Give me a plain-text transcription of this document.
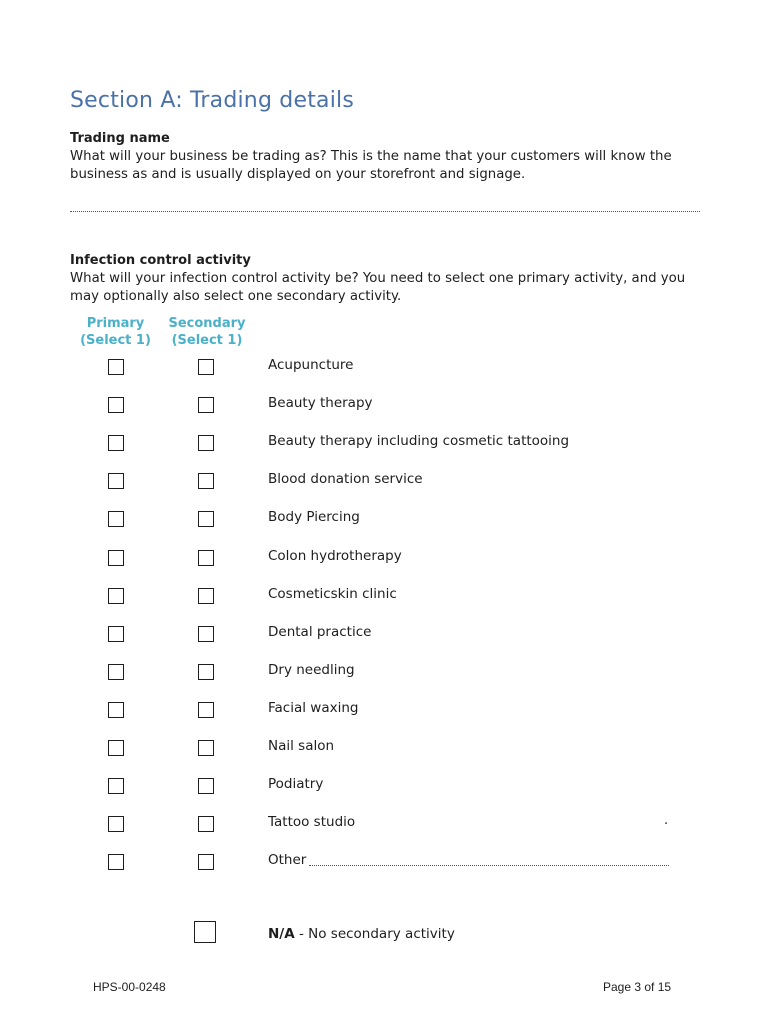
Section A: Trading details
Trading name
What will your business be trading as? This is the name that your customers will know the business as and is usually displayed on your storefront and signage.
Infection control activity
What will your infection control activity be? You need to select one primary activity, and you may optionally also select one secondary activity.
Primary
(Select 1)
Secondary
(Select 1)
Acupuncture
Beauty therapy
Beauty therapy including cosmetic tattooing
Blood donation service
Body Piercing
Colon hydrotherapy
Cosmeticskin clinic
Dental practice
Dry needling
Facial waxing
Nail salon
Podiatry
Tattoo studio
Other
.
N/A - No secondary activity
HPS-00-0248	Page 3 of 15
